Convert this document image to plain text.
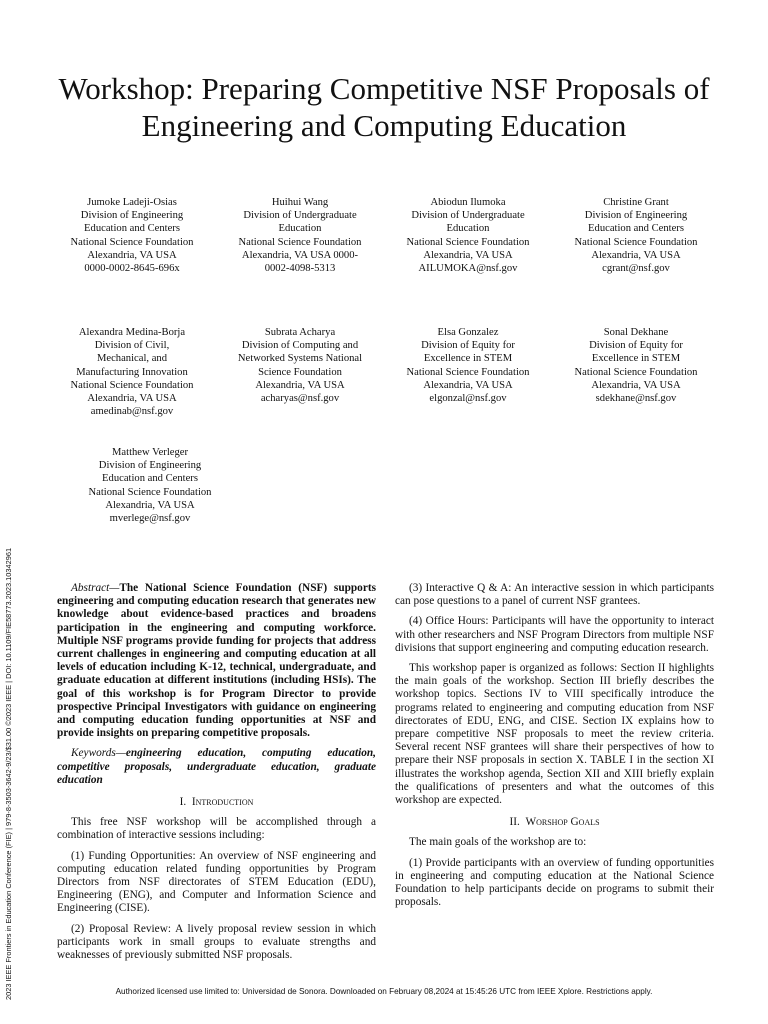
Workshop: Preparing Competitive NSF Proposals of
Engineering and Computing Education
Jumoke Ladeji-Osias
Division of Engineering
Education and Centers
National Science Foundation
Alexandria, VA USA
0000-0002-8645-696x
Huihui Wang
Division of Undergraduate
Education
National Science Foundation
Alexandria, VA USA 0000-
0002-4098-5313
Abiodun Ilumoka
Division of Undergraduate
Education
National Science Foundation
Alexandria, VA USA
AILUMOKA@nsf.gov
Christine Grant
Division of Engineering
Education and Centers
National Science Foundation
Alexandria, VA USA
cgrant@nsf.gov
Alexandra Medina-Borja
Division of Civil,
Mechanical, and
Manufacturing Innovation
National Science Foundation
Alexandria, VA USA
amedinab@nsf.gov
Subrata Acharya
Division of Computing and
Networked Systems National
Science Foundation
Alexandria, VA USA
acharyas@nsf.gov
Elsa Gonzalez
Division of Equity for
Excellence in STEM
National Science Foundation
Alexandria, VA USA
elgonzal@nsf.gov
Sonal Dekhane
Division of Equity for
Excellence in STEM
National Science Foundation
Alexandria, VA USA
sdekhane@nsf.gov
Matthew Verleger
Division of Engineering
Education and Centers
National Science Foundation
Alexandria, VA USA
mverlege@nsf.gov
2023 IEEE Frontiers in Education Conference (FIE) | 979-8-3503-3642-9/23/$31.00 ©2023 IEEE | DOI: 10.1109/FIE58773.2023.10342961	Abstract—The National Science Foundation (NSF) supports engineering and computing education research that generates new knowledge about evidence-based practices and broadens participation in the engineering and computing workforce. Multiple NSF programs provide funding for projects that address current challenges in engineering and computing education at all levels of education including K-12, technical, undergraduate, and graduate education at different institutions (including HSIs). The goal of this workshop is for Program Director to provide prospective Principal Investigators with guidance on engineering and computing education funding opportunities at NSF and provide insights on preparing competitive proposals.

Keywords—engineering education, computing education, competitive proposals, undergraduate education, graduate education

I. Introduction

This free NSF workshop will be accomplished through a combination of interactive sessions including:

(1) Funding Opportunities: An overview of NSF engineering and computing education related funding opportunities by Program Directors from NSF directorates of STEM Education (EDU), Engineering (ENG), and Computer and Information Science and Engineering (CISE).

(2) Proposal Review: A lively proposal review session in which participants work in small groups to evaluate strengths and weaknesses of previously submitted NSF proposals.

(3) Interactive Q & A: An interactive session in which participants can pose questions to a panel of current NSF grantees.

(4) Office Hours: Participants will have the opportunity to interact with other researchers and NSF Program Directors from multiple NSF divisions that support engineering and computing education research.

This workshop paper is organized as follows: Section II highlights the main goals of the workshop. Section III briefly describes the workshop topics. Sections IV to VIII specifically introduce the programs related to engineering and computing education from NSF directorates of EDU, ENG, and CISE. Section IX explains how to prepare competitive NSF proposals to meet the review criteria. Several recent NSF grantees will share their perspectives of how to prepare their NSF proposals in section X. TABLE I in the section XI illustrates the workshop agenda, Section XII and XIII briefly explain the qualifications of presenters and what the outcomes of this workshop are expected.

II. Worshop Goals

The main goals of the workshop are to:

(1) Provide participants with an overview of funding opportunities in engineering and computing education at the National Science Foundation to help participants decide on programs to submit their proposals.

Authorized licensed use limited to: Universidad de Sonora. Downloaded on February 08,2024 at 15:45:26 UTC from IEEE Xplore. Restrictions apply.
